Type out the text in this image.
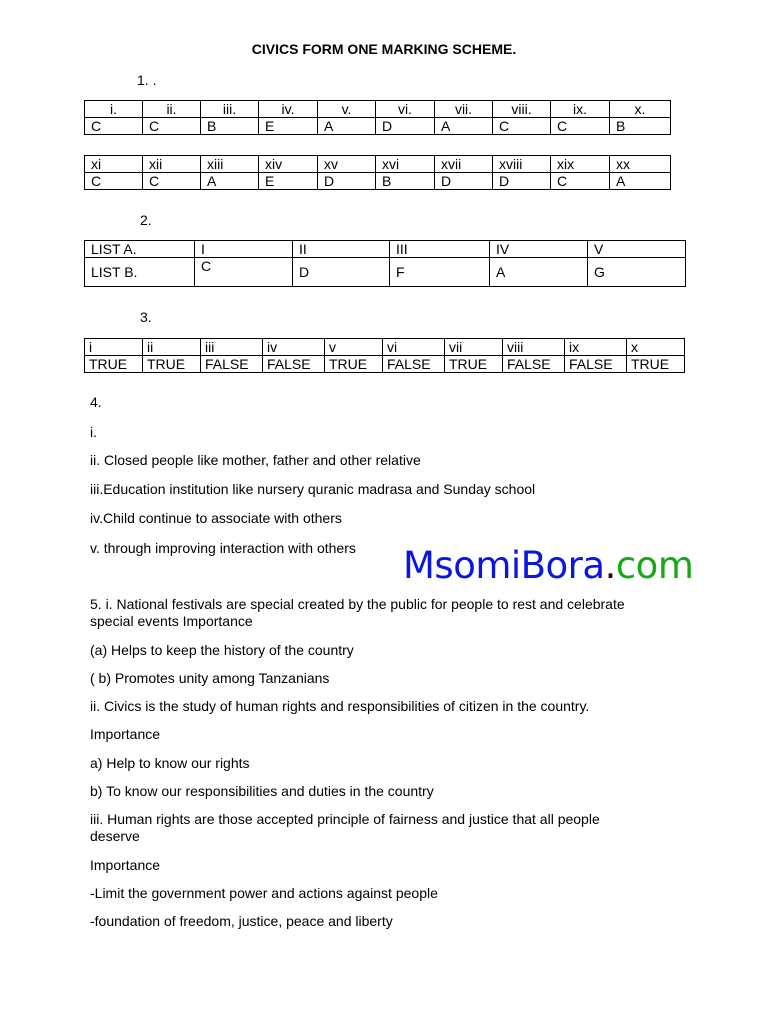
CIVICS FORM ONE MARKING SCHEME.
1. .
i.	ii.	iii.	iv.	v.	vi.	vii.	viii.	ix.	x.
C	C	B	E	A	D	A	C	C	B
xi	xii	xiii	xiv	xv	xvi	xvii	xviii	xix	xx
C	C	A	E	D	B	D	D	C	A
2.
LIST A.	I	II	III	IV	V
LIST B.	C	D	F	A	G
3.
i	ii	iii	iv	v	vi	vii	viii	ix	x
TRUE	TRUE	FALSE	FALSE	TRUE	FALSE	TRUE	FALSE	FALSE	TRUE
4.
i.
ii. Closed people like mother, father and other relative
iii.Education institution like nursery quranic madrasa and Sunday school
iv.Child continue to associate with others
v. through improving interaction with others
5. i. National festivals are special created by the public for people to rest and celebrate
special events Importance
(a) Helps to keep the history of the country
( b) Promotes unity among Tanzanians
ii. Civics is the study of human rights and responsibilities of citizen in the country.
Importance
a) Help to know our rights
b) To know our responsibilities and duties in the country
iii. Human rights are those accepted principle of fairness and justice that all people
deserve
Importance
-Limit the government power and actions against people
-foundation of freedom, justice, peace and liberty
MsomiBora.com
